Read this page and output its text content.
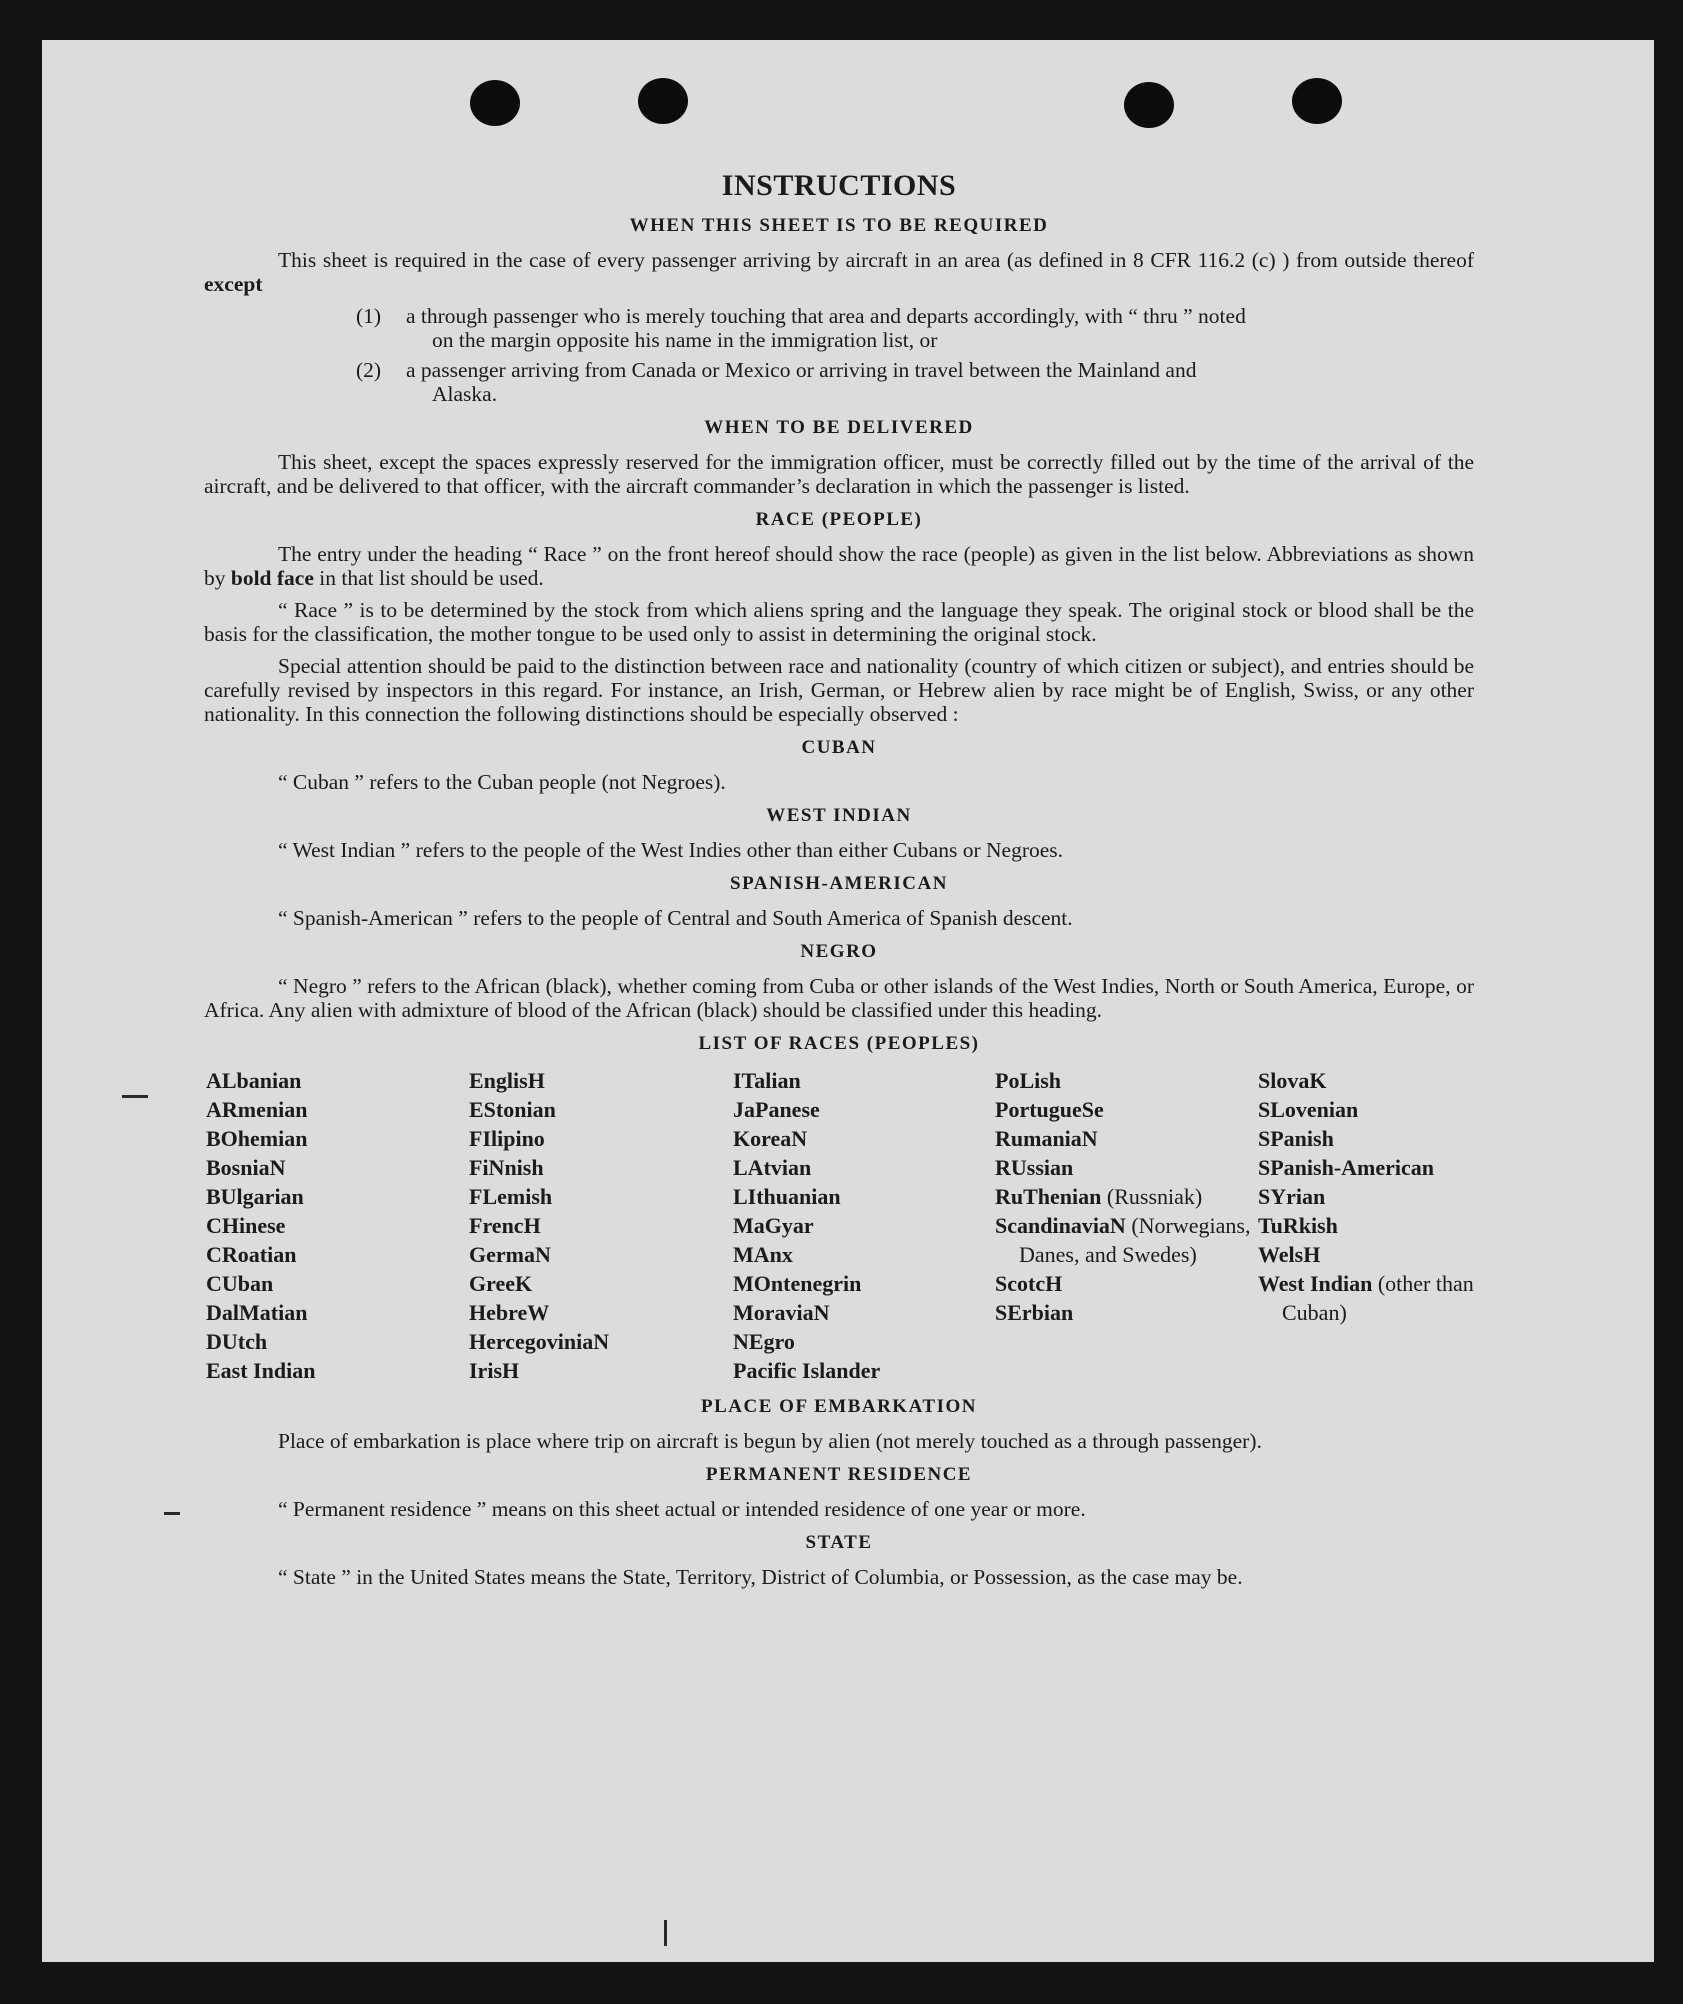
INSTRUCTIONS
WHEN THIS SHEET IS TO BE REQUIRED

This sheet is required in the case of every passenger arriving by aircraft in an area (as defined in 8 CFR 116.2 (c) ) from outside thereof except

(1)	a through passenger who is merely touching that area and departs accordingly, with “ thru ” noted
on the margin opposite his name in the immigration list, or
(2)	a passenger arriving from Canada or Mexico or arriving in travel between the Mainland and
Alaska.
WHEN TO BE DELIVERED

This sheet, except the spaces expressly reserved for the immigration officer, must be correctly filled out by the time of the arrival of the aircraft, and be delivered to that officer, with the aircraft commander’s declaration in which the passenger is listed.

RACE (PEOPLE)

The entry under the heading “ Race ” on the front hereof should show the race (people) as given in the list below. Abbreviations as shown by bold face in that list should be used.

“ Race ” is to be determined by the stock from which aliens spring and the language they speak. The original stock or blood shall be the basis for the classification, the mother tongue to be used only to assist in determining the original stock.

Special attention should be paid to the distinction between race and nationality (country of which citizen or subject), and entries should be carefully revised by inspectors in this regard. For instance, an Irish, German, or Hebrew alien by race might be of English, Swiss, or any other nationality. In this connection the following distinctions should be especially observed :

CUBAN

“ Cuban ” refers to the Cuban people (not Negroes).

WEST INDIAN

“ West Indian ” refers to the people of the West Indies other than either Cubans or Negroes.

SPANISH-AMERICAN

“ Spanish-American ” refers to the people of Central and South America of Spanish descent.

NEGRO

“ Negro ” refers to the African (black), whether coming from Cuba or other islands of the West Indies, North or South America, Europe, or Africa. Any alien with admixture of blood of the African (black) should be classified under this heading.

LIST OF RACES (PEOPLES)
ALbanian
ARmenian
BOhemian
BosniaN
BUlgarian
CHinese
CRoatian
CUban
DalMatian
DUtch
East Indian
EnglisH
EStonian
FIlipino
FiNnish
FLemish
FrencH
GermaN
GreeK
HebreW
HercegoviniaN
IrisH
ITalian
JaPanese
KoreaN
LAtvian
LIthuanian
MaGyar
MAnx
MOntenegrin
MoraviaN
NEgro
Pacific Islander
PoLish
PortugueSe
RumaniaN
RUssian
RuThenian (Russniak)
ScandinaviaN (Norwegians, Danes, and Swedes)
ScotcH
SErbian
SlovaK
SLovenian
SPanish
SPanish-American
SYrian
TuRkish
WelsH
West Indian (other than Cuban)
PLACE OF EMBARKATION

Place of embarkation is place where trip on aircraft is begun by alien (not merely touched as a through passenger).

PERMANENT RESIDENCE

“ Permanent residence ” means on this sheet actual or intended residence of one year or more.

STATE

“ State ” in the United States means the State, Territory, District of Columbia, or Possession, as the case may be.
